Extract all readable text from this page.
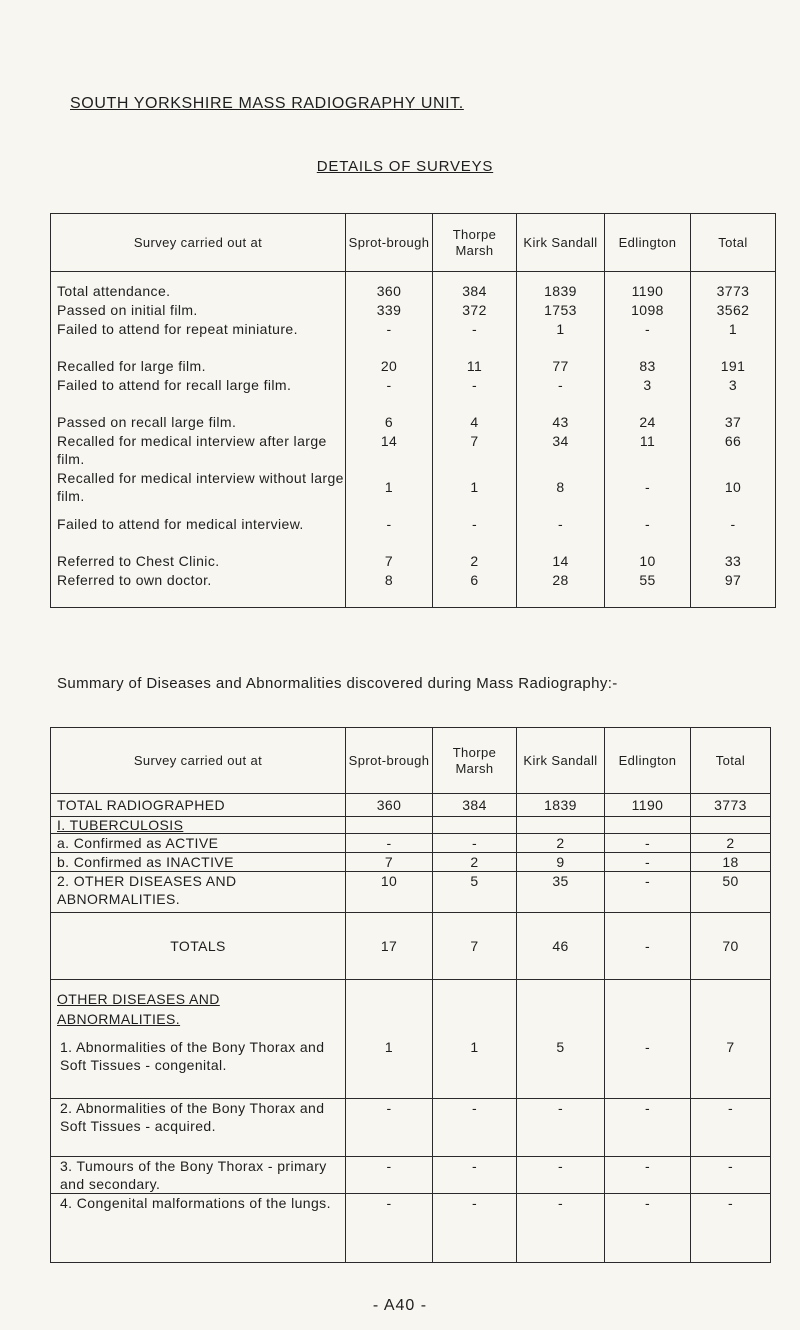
SOUTH YORKSHIRE MASS RADIOGRAPHY UNIT.
DETAILS OF SURVEYS
Survey carried out at	Sprot-brough	Thorpe Marsh	Kirk Sandall	Edlington	Total
Total attendance.	360	384	1839	1190	3773
Passed on initial film.	339	372	1753	1098	3562
Failed to attend for repeat miniature.	-	-	1	-	1
Recalled for large film.	20	11	77	83	191
Failed to attend for recall large film.	-	-	-	3	3
Passed on recall large film.	6	4	43	24	37
Recalled for medical interview after large film.	14	7	34	11	66
Recalled for medical interview without large film.	1	1	8	-	10
Failed to attend for medical interview.	-	-	-	-	-
Referred to Chest Clinic.	7	2	14	10	33
Referred to own doctor.	8	6	28	55	97
Summary of Diseases and Abnormalities discovered during Mass Radiography:-
Survey carried out at	Sprot-brough	Thorpe Marsh	Kirk Sandall	Edlington	Total
TOTAL RADIOGRAPHED	360	384	1839	1190	3773
I. TUBERCULOSIS					
a. Confirmed as ACTIVE	-	-	2	-	2
b. Confirmed as INACTIVE	7	2	9	-	18
2. OTHER DISEASES AND ABNORMALITIES.	10	5	35	-	50
TOTALS	17	7	46	-	70
OTHER DISEASES AND ABNORMALITIES.					
1. Abnormalities of the Bony Thorax and Soft Tissues - congenital.	1	1	5	-	7
2. Abnormalities of the Bony Thorax and Soft Tissues - acquired.	-	-	-	-	-
3. Tumours of the Bony Thorax - primary and secondary.	-	-	-	-	-
4. Congenital malformations of the lungs.	-	-	-	-	-
- A40 -
